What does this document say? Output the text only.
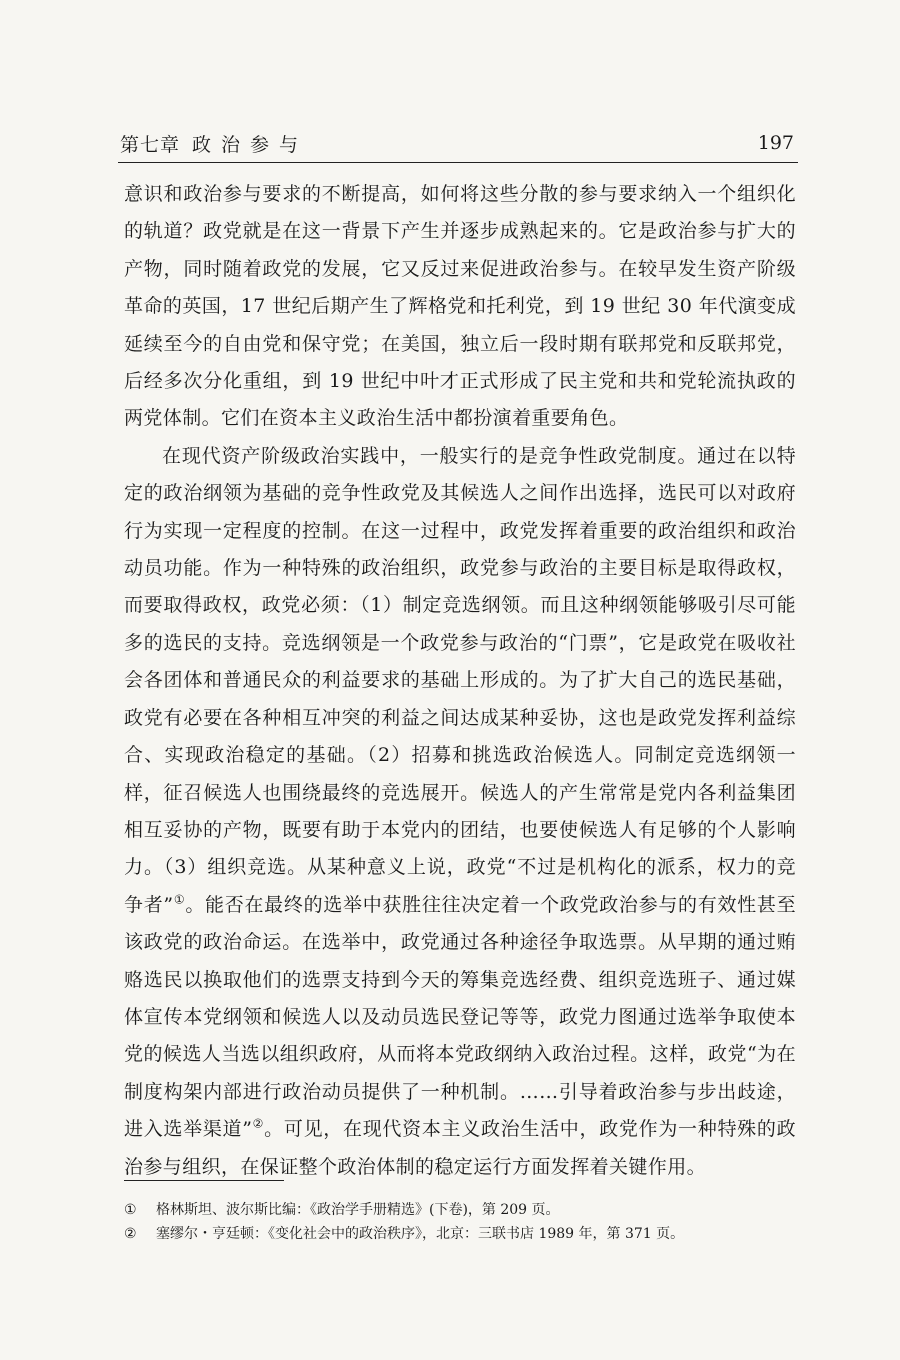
第七章 政治参与	197

意识和政治参与要求的不断提高，如何将这些分散的参与要求纳入一个组织化的轨道？政党就是在这一背景下产生并逐步成熟起来的。它是政治参与扩大的产物，同时随着政党的发展，它又反过来促进政治参与。在较早发生资产阶级革命的英国，17 世纪后期产生了辉格党和托利党，到 19 世纪 30 年代演变成延续至今的自由党和保守党；在美国，独立后一段时期有联邦党和反联邦党，后经多次分化重组，到 19 世纪中叶才正式形成了民主党和共和党轮流执政的两党体制。它们在资本主义政治生活中都扮演着重要角色。

在现代资产阶级政治实践中，一般实行的是竞争性政党制度。通过在以特定的政治纲领为基础的竞争性政党及其候选人之间作出选择，选民可以对政府行为实现一定程度的控制。在这一过程中，政党发挥着重要的政治组织和政治动员功能。作为一种特殊的政治组织，政党参与政治的主要目标是取得政权，而要取得政权，政党必须：（1）制定竞选纲领。而且这种纲领能够吸引尽可能多的选民的支持。竞选纲领是一个政党参与政治的“门票”，它是政党在吸收社会各团体和普通民众的利益要求的基础上形成的。为了扩大自己的选民基础，政党有必要在各种相互冲突的利益之间达成某种妥协，这也是政党发挥利益综合、实现政治稳定的基础。（2）招募和挑选政治候选人。同制定竞选纲领一样，征召候选人也围绕最终的竞选展开。候选人的产生常常是党内各利益集团相互妥协的产物，既要有助于本党内的团结，也要使候选人有足够的个人影响力。（3）组织竞选。从某种意义上说，政党“不过是机构化的派系，权力的竞争者”①。能否在最终的选举中获胜往往决定着一个政党政治参与的有效性甚至该政党的政治命运。在选举中，政党通过各种途径争取选票。从早期的通过贿赂选民以换取他们的选票支持到今天的筹集竞选经费、组织竞选班子、通过媒体宣传本党纲领和候选人以及动员选民登记等等，政党力图通过选举争取使本党的候选人当选以组织政府，从而将本党政纲纳入政治过程。这样，政党“为在制度构架内部进行政治动员提供了一种机制。……引导着政治参与步出歧途，进入选举渠道”②。可见，在现代资本主义政治生活中，政党作为一种特殊的政治参与组织，在保证整个政治体制的稳定运行方面发挥着关键作用。

① 格林斯坦、波尔斯比编：《政治学手册精选》(下卷)，第 209 页。

② 塞缪尔・亨廷顿：《变化社会中的政治秩序》，北京：三联书店 1989 年，第 371 页。
